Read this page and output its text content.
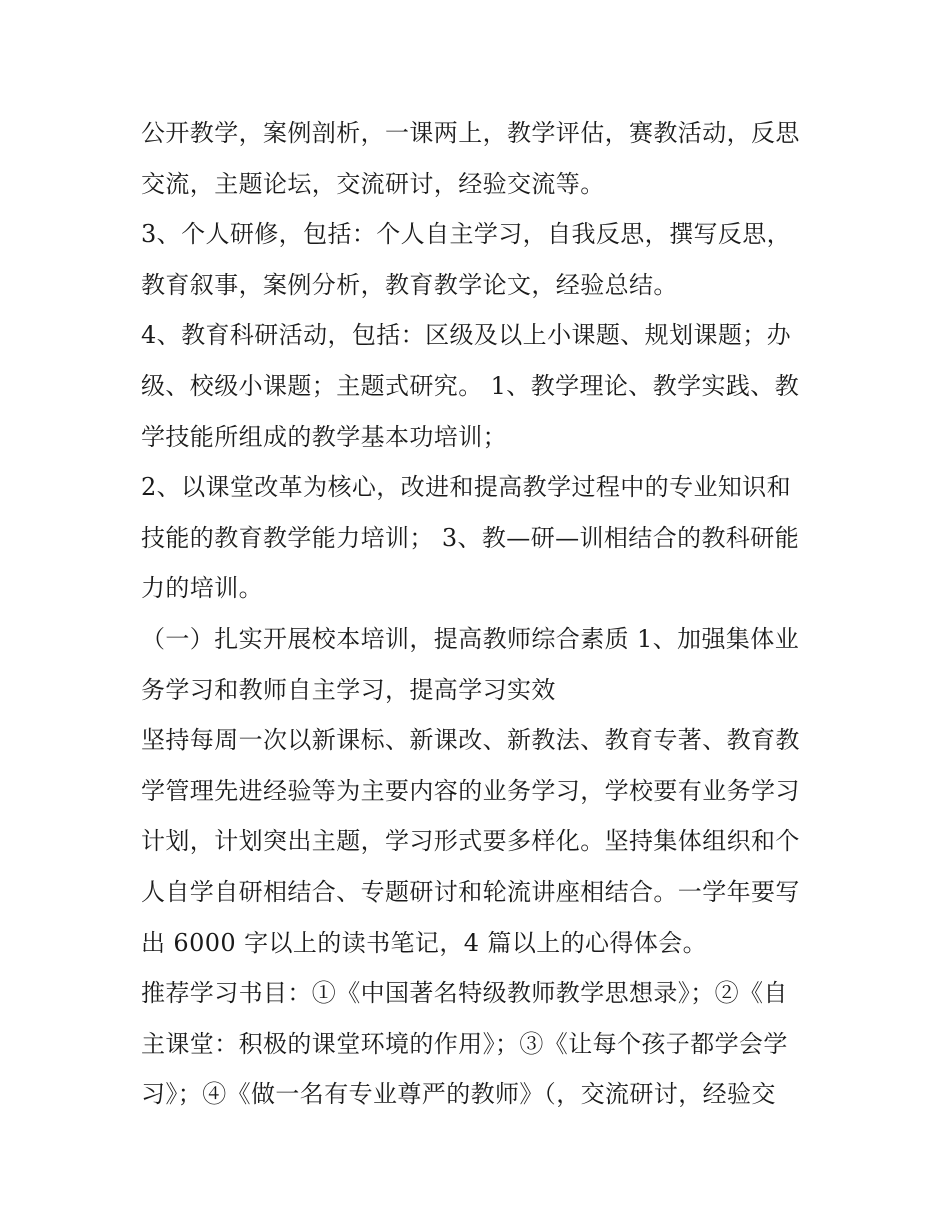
公开教学，案例剖析，一课两上，教学评估，赛教活动，反思
交流，主题论坛，交流研讨，经验交流等。
3、个人研修，包括：个人自主学习，自我反思，撰写反思，
教育叙事，案例分析，教育教学论文，经验总结。
4、教育科研活动，包括：区级及以上小课题、规划课题；办
级、校级小课题；主题式研究。 1、教学理论、教学实践、教
学技能所组成的教学基本功培训；
2、以课堂改革为核心，改进和提高教学过程中的专业知识和
技能的教育教学能力培训； 3、教—研—训相结合的教科研能
力的培训。
（一）扎实开展校本培训，提高教师综合素质 1、加强集体业
务学习和教师自主学习，提高学习实效
坚持每周一次以新课标、新课改、新教法、教育专著、教育教
学管理先进经验等为主要内容的业务学习，学校要有业务学习
计划，计划突出主题，学习形式要多样化。坚持集体组织和个
人自学自研相结合、专题研讨和轮流讲座相结合。一学年要写
出 6000 字以上的读书笔记，4 篇以上的心得体会。
推荐学习书目：①《中国著名特级教师教学思想录》；②《自
主课堂：积极的课堂环境的作用》；③《让每个孩子都学会学
习》；④《做一名有专业尊严的教师》（，交流研讨，经验交
